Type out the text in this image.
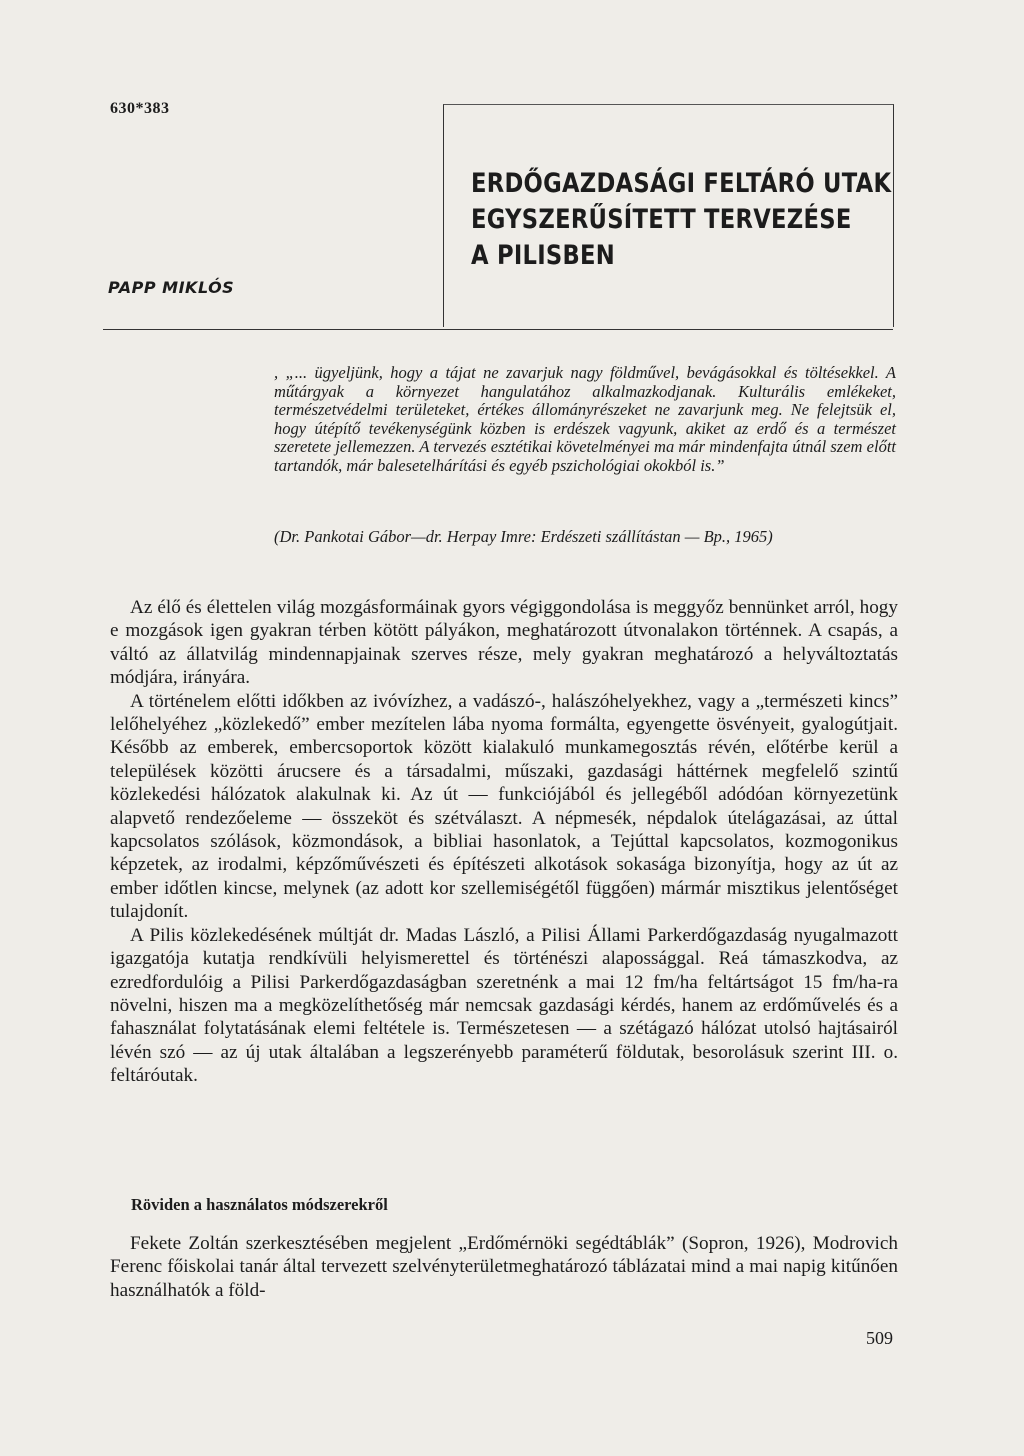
630*383
ERDŐGAZDASÁGI FELTÁRÓ UTAK
EGYSZERŰSÍTETT TERVEZÉSE
A PILISBEN
PAPP MIKLÓS

, „... ügyeljünk, hogy a tájat ne zavarjuk nagy földművel, bevágásokkal és töltésekkel. A műtárgyak a környezet hangulatához alkalmazkodjanak. Kulturális emlékeket, természetvédelmi területeket, értékes állományrészeket ne zavarjunk meg. Ne felejtsük el, hogy útépítő tevékenységünk közben is erdészek vagyunk, akiket az erdő és a természet szeretete jellemezzen. A tervezés esztétikai követelményei ma már mindenfajta útnál szem előtt tartandók, már balesetelhárítási és egyéb pszichológiai okokból is.”

(Dr. Pankotai Gábor—dr. Herpay Imre: Erdészeti szállítástan — Bp., 1965)

Az élő és élettelen világ mozgásformáinak gyors végiggondolása is meggyőz bennünket arról, hogy e mozgások igen gyakran térben kötött pályákon, meghatározott útvonalakon történnek. A csapás, a váltó az állatvilág mindennapjainak szerves része, mely gyakran meghatározó a helyváltoztatás módjára, irányára.

A történelem előtti időkben az ivóvízhez, a vadászó-, halászóhelyekhez, vagy a „természeti kincs” lelőhelyéhez „közlekedő” ember mezítelen lába nyoma formálta, egyengette ösvényeit, gyalogútjait. Később az emberek, embercsoportok között kialakuló munkamegosztás révén, előtérbe kerül a települések közötti árucsere és a társadalmi, műszaki, gazdasági háttérnek megfelelő szintű közlekedési hálózatok alakulnak ki. Az út — funkciójából és jellegéből adódóan környezetünk alapvető rendezőeleme — összeköt és szétválaszt. A népmesék, népdalok útelágazásai, az úttal kapcsolatos szólások, közmondások, a bibliai hasonlatok, a Tejúttal kapcsolatos, kozmogonikus képzetek, az irodalmi, képzőművészeti és építészeti alkotások sokasága bizonyítja, hogy az út az ember időtlen kincse, melynek (az adott kor szellemiségétől függően) mármár misztikus jelentőséget tulajdonít.

A Pilis közlekedésének múltját dr. Madas László, a Pilisi Állami Parkerdőgazdaság nyugalmazott igazgatója kutatja rendkívüli helyismerettel és történészi alapossággal. Reá támaszkodva, az ezredfordulóig a Pilisi Parkerdőgazdaságban szeretnénk a mai 12 fm/ha feltártságot 15 fm/ha-ra növelni, hiszen ma a megközelíthetőség már nemcsak gazdasági kérdés, hanem az erdőművelés és a fahasználat folytatásának elemi feltétele is. Természetesen — a szétágazó hálózat utolsó hajtásairól lévén szó — az új utak általában a legszerényebb paraméterű földutak, besorolásuk szerint III. o. feltáróutak.

Röviden a használatos módszerekről

Fekete Zoltán szerkesztésében megjelent „Erdőmérnöki segédtáblák” (Sopron, 1926), Modrovich Ferenc főiskolai tanár által tervezett szelvényterületmeghatározó táblázatai mind a mai napig kitűnően használhatók a föld-

509
